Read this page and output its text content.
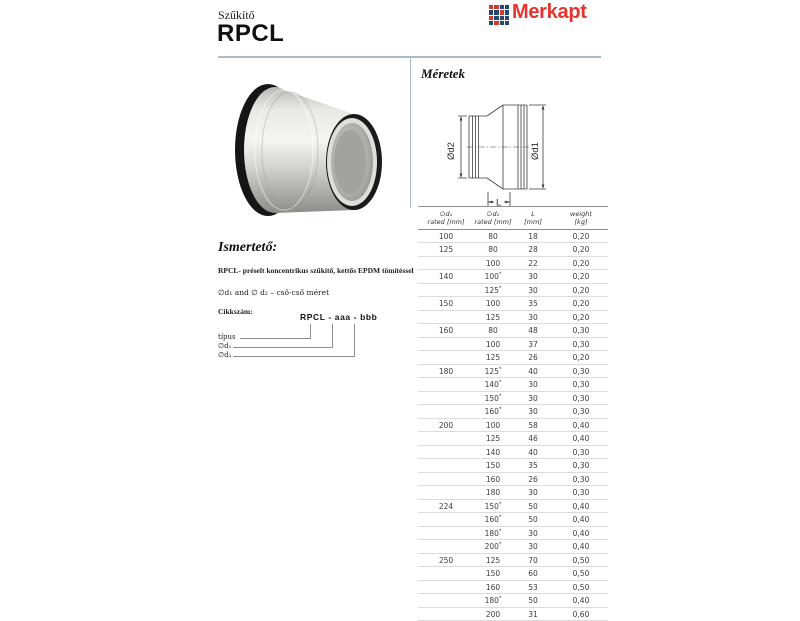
Szűkítő
RPCL
Merkapt
Ismertető:
RPCL- préselt koncentrikus szűkítő, kettős EPDM tömítéssel
∅d₁ and ∅ d₂ – cső-cső méret
Cikkszám:
RPCL - aaa - bbb
típus
∅d₁
∅d₂
Méretek
Ød2	Ød1
L
∅d₁
rated [mm]

∅d₂
rated [mm]

L
[mm]

weight
[kg]

100	80	18	0,20
125	80	28	0,20
	100	22	0,20
140	100*	30	0,20
	125*	30	0,20
150	100	35	0,20
	125	30	0,20
160	80	48	0,30
	100	37	0,30
	125	26	0,20
180	125*	40	0,30
	140*	30	0,30
	150*	30	0,30
	160*	30	0,30
200	100	58	0,40
	125	46	0,40
	140	40	0,30
	150	35	0,30
	160	26	0,30
	180	30	0,30
224	150*	50	0,40
	160*	50	0,40
	180*	30	0,40
	200*	30	0,40
250	125	70	0,50
	150	60	0,50
	160	53	0,50
	180*	50	0,40
	200	31	0,60
